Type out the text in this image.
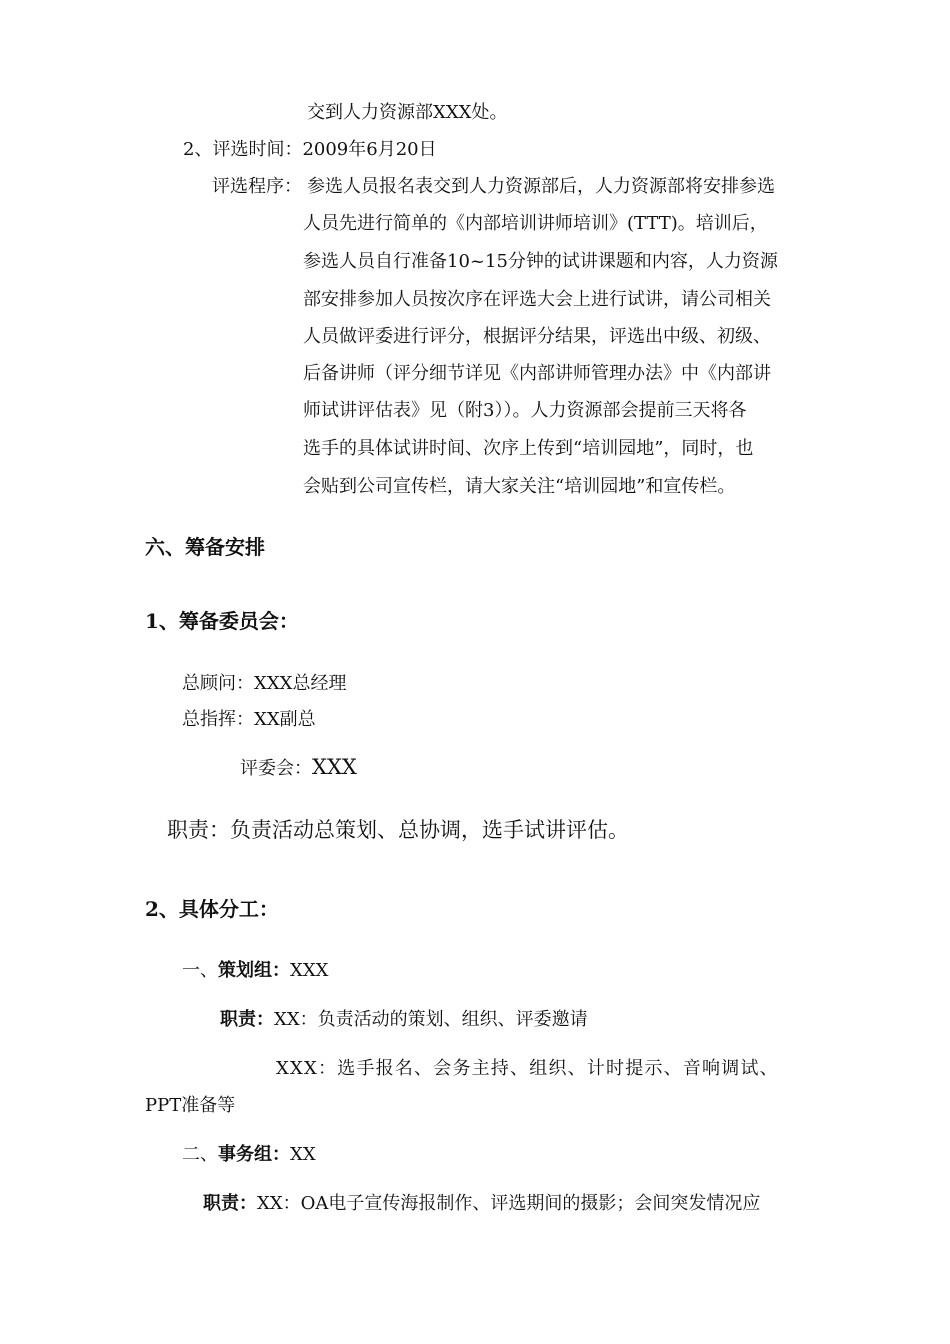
交到人力资源部XXX处。
2、评选时间：2009年6月20日
评选程序： 参选人员报名表交到人力资源部后，人力资源部将安排参选
人员先进行简单的《内部培训讲师培训》(TTT)。培训后，
参选人员自行准备10~15分钟的试讲课题和内容，人力资源
部安排参加人员按次序在评选大会上进行试讲，请公司相关
人员做评委进行评分，根据评分结果，评选出中级、初级、
后备讲师（评分细节详见《内部讲师管理办法》中《内部讲
师试讲评估表》见（附3））。人力资源部会提前三天将各
选手的具体试讲时间、次序上传到“培训园地”，同时，也
会贴到公司宣传栏，请大家关注“培训园地”和宣传栏。
六、筹备安排
1、筹备委员会：
总顾问：XXX总经理
总指挥：XX副总
评委会：XXX
职责：负责活动总策划、总协调，选手试讲评估。
2、具体分工：
一、策划组：XXX
职责：XX：负责活动的策划、组织、评委邀请
XXX：选手报名、会务主持、组织、计时提示、音响调试、
PPT准备等
二、事务组：XX
职责：XX：OA电子宣传海报制作、评选期间的摄影；会间突发情况应
